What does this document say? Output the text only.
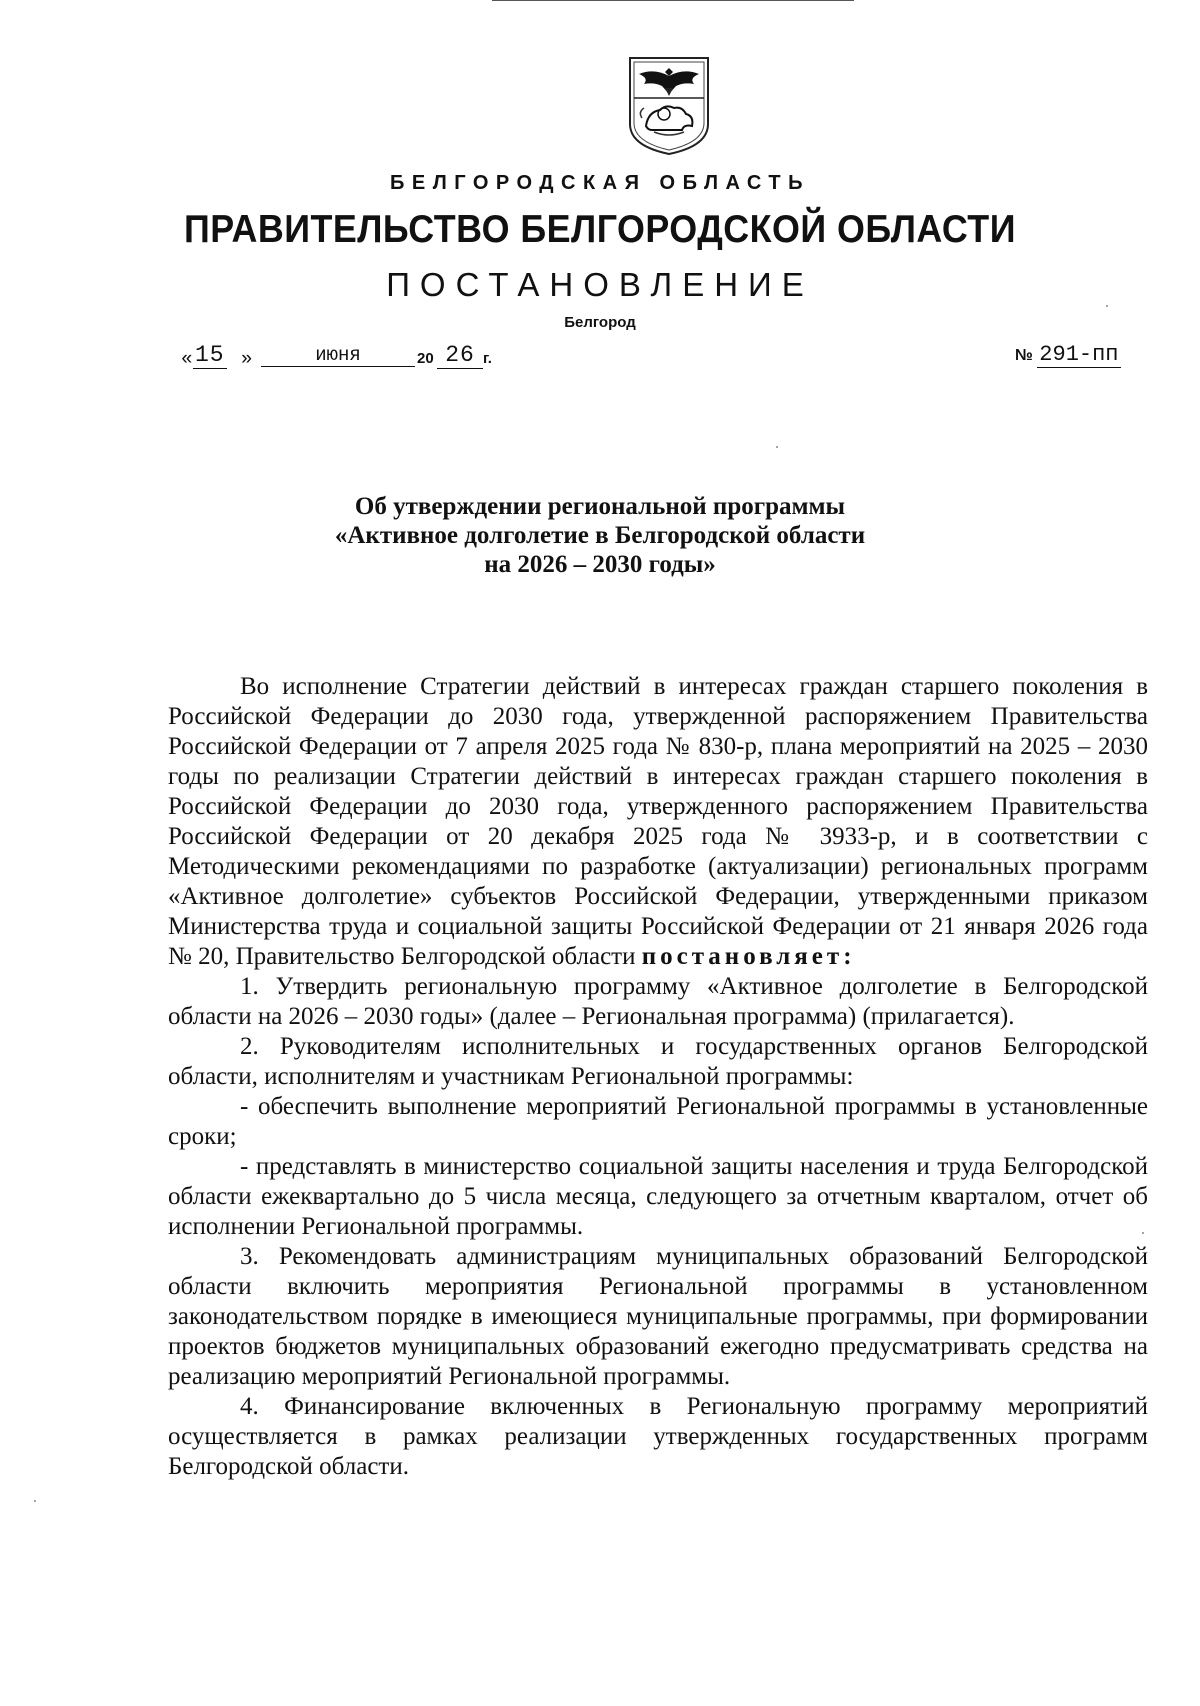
БЕЛГОРОДСКАЯ ОБЛАСТЬ
ПРАВИТЕЛЬСТВО БЕЛГОРОДСКОЙ ОБЛАСТИ
ПОСТАНОВЛЕНИЕ
Белгород
« 15 »	июня	20 26 г.	№ 291-пп
Об утверждении региональной программы
«Активное долголетие в Белгородской области
на 2026 – 2030 годы»

Во исполнение Стратегии действий в интересах граждан старшего поколения в Российской Федерации до 2030 года, утвержденной распоряжением Правительства Российской Федерации от 7 апреля 2025 года № 830-р, плана мероприятий на 2025 – 2030 годы по реализации Стратегии действий в интересах граждан старшего поколения в Российской Федерации до 2030 года, утвержденного распоряжением Правительства Российской Федерации от 20 декабря 2025 года № 3933-р, и в соответствии с Методическими рекомендациями по разработке (актуализации) региональных программ «Активное долголетие» субъектов Российской Федерации, утвержденными приказом Министерства труда и социальной защиты Российской Федерации от 21 января 2026 года № 20, Правительство Белгородской области постановляет:

1. Утвердить региональную программу «Активное долголетие в Белгородской области на 2026 – 2030 годы» (далее – Региональная программа) (прилагается).

2. Руководителям исполнительных и государственных органов Белгородской области, исполнителям и участникам Региональной программы:

- обеспечить выполнение мероприятий Региональной программы в установленные сроки;

- представлять в министерство социальной защиты населения и труда Белгородской области ежеквартально до 5 числа месяца, следующего за отчетным кварталом, отчет об исполнении Региональной программы.

3. Рекомендовать администрациям муниципальных образований Белгородской области включить мероприятия Региональной программы в установленном законодательством порядке в имеющиеся муниципальные программы, при формировании проектов бюджетов муниципальных образований ежегодно предусматривать средства на реализацию мероприятий Региональной программы.

4. Финансирование включенных в Региональную программу мероприятий осуществляется в рамках реализации утвержденных государственных программ Белгородской области.
